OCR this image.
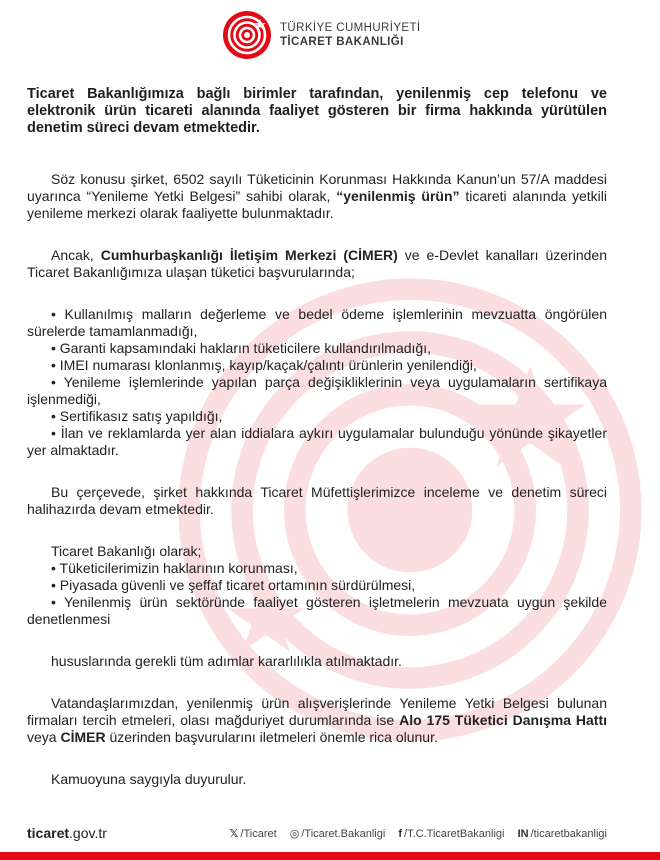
TÜRKİYE CUMHURİYETİ
TİCARET BAKANLIĞI

Ticaret Bakanlığımıza bağlı birimler tarafından, yenilenmiş cep telefonu ve elektronik ürün ticareti alanında faaliyet gösteren bir firma hakkında yürütülen denetim süreci devam etmektedir.

Söz konusu şirket, 6502 sayılı Tüketicinin Korunması Hakkında Kanun’un 57/A maddesi uyarınca “Yenileme Yetki Belgesi” sahibi olarak, “yenilenmiş ürün” ticareti alanında yetkili yenileme merkezi olarak faaliyette bulunmaktadır.

Ancak, Cumhurbaşkanlığı İletişim Merkezi (CİMER) ve e-Devlet kanalları üzerinden Ticaret Bakanlığımıza ulaşan tüketici başvurularında;

• Kullanılmış malların değerleme ve bedel ödeme işlemlerinin mevzuatta öngörülen sürelerde tamamlanmadığı,
• Garanti kapsamındaki hakların tüketicilere kullandırılmadığı,
• IMEI numarası klonlanmış, kayıp/kaçak/çalıntı ürünlerin yenilendiği,
• Yenileme işlemlerinde yapılan parça değişikliklerinin veya uygulamaların sertifikaya işlenmediği,
• Sertifikasız satış yapıldığı,
• İlan ve reklamlarda yer alan iddialara aykırı uygulamalar bulunduğu yönünde şikayetler yer almaktadır.

Bu çerçevede, şirket hakkında Ticaret Müfettişlerimizce inceleme ve denetim süreci halihazırda devam etmektedir.

Ticaret Bakanlığı olarak;

• Tüketicilerimizin haklarının korunması,
• Piyasada güvenli ve şeffaf ticaret ortamının sürdürülmesi,
• Yenilenmiş ürün sektöründe faaliyet gösteren işletmelerin mevzuata uygun şekilde denetlenmesi

hususlarında gerekli tüm adımlar kararlılıkla atılmaktadır.

Vatandaşlarımızdan, yenilenmiş ürün alışverişlerinde Yenileme Yetki Belgesi bulunan firmaları tercih etmeleri, olası mağduriyet durumlarında ise Alo 175 Tüketici Danışma Hattı veya CİMER üzerinden başvurularını iletmeleri önemle rica olunur.

Kamuoyuna saygıyla duyurulur.

ticaret.gov.tr	𝕏 /Ticaret ◎ /Ticaret.Bakanligi f /T.C.TicaretBakanligi IN /ticaretbakanligi
